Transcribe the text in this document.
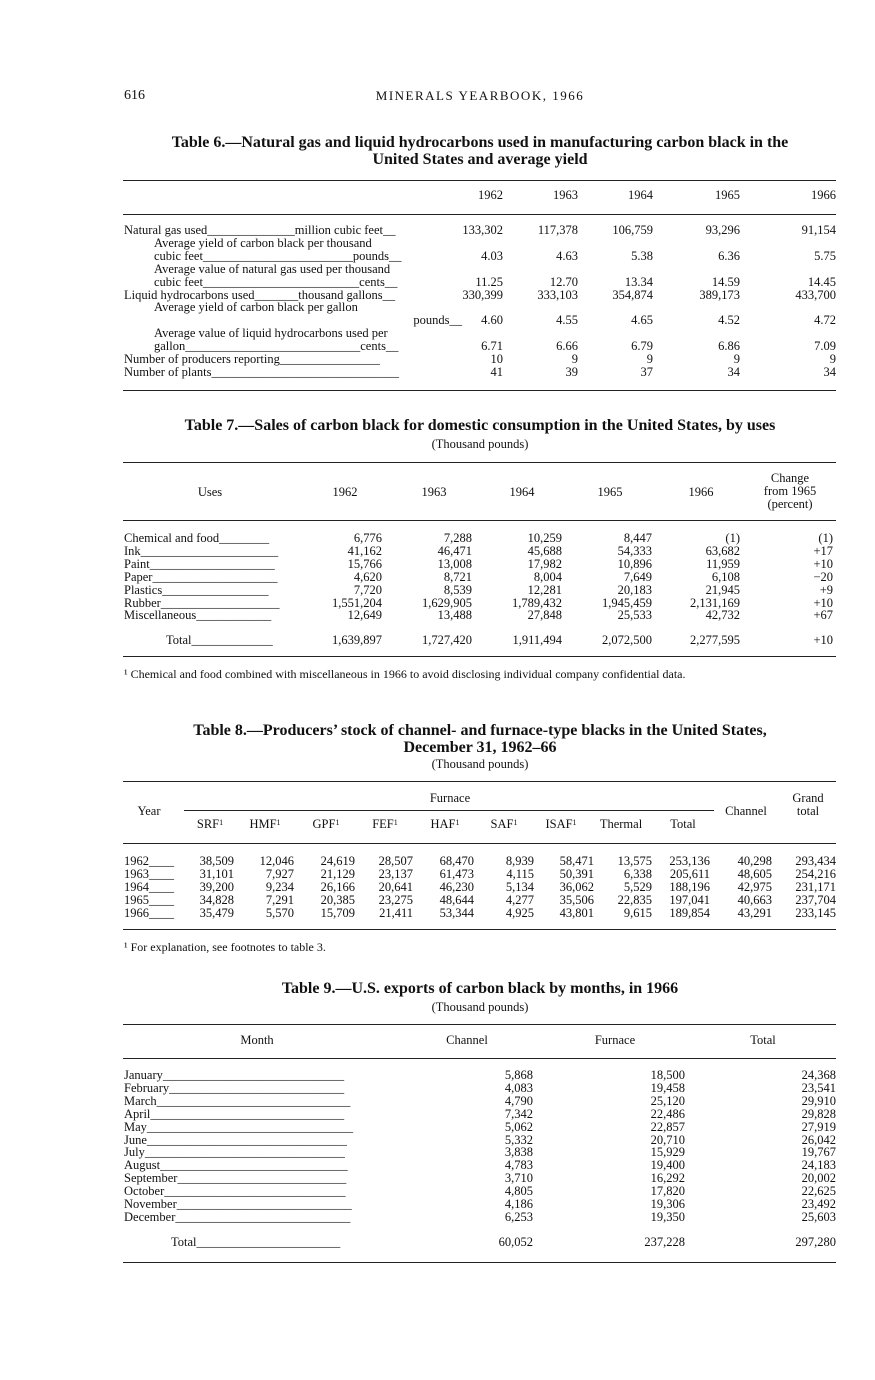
616	MINERALS YEARBOOK, 1966
Table 6.—Natural gas and liquid hydrocarbons used in manufacturing carbon black in the
United States and average yield
1962	1963	1964	1965	1966
Natural gas used______________million cubic feet__	133,302	117,378	106,759	93,296	91,154
Average yield of carbon black per thousand
cubic feet________________________pounds__	4.03	4.63	5.38	6.36	5.75
Average value of natural gas used per thousand
cubic feet_________________________cents__	11.25	12.70	13.34	14.59	14.45
Liquid hydrocarbons used_______thousand gallons__	330,399	333,103	354,874	389,173	433,700
Average yield of carbon black per gallon
pounds__	4.60	4.55	4.65	4.52	4.72
Average value of liquid hydrocarbons used per
gallon____________________________cents__	6.71	6.66	6.79	6.86	7.09
Number of producers reporting________________	10	9	9	9	9
Number of plants______________________________	41	39	37	34	34
Table 7.—Sales of carbon black for domestic consumption in the United States, by uses
(Thousand pounds)
Uses	1962	1963	1964	1965	1966
Change
from 1965
(percent)
Chemical and food________	6,776	7,288	10,259	8,447	(1)	(1)
Ink______________________	41,162	46,471	45,688	54,333	63,682	+17
Paint____________________	15,766	13,008	17,982	10,896	11,959	+10
Paper____________________	4,620	8,721	8,004	7,649	6,108	−20
Plastics_________________	7,720	8,539	12,281	20,183	21,945	+9
Rubber___________________	1,551,204	1,629,905	1,789,432	1,945,459	2,131,169	+10
Miscellaneous____________	12,649	13,488	27,848	25,533	42,732	+67
Total_____________	1,639,897	1,727,420	1,911,494	2,072,500	2,277,595	+10
¹ Chemical and food combined with miscellaneous in 1966 to avoid disclosing individual company confidential data.
Table 8.—Producers’ stock of channel- and furnace-type blacks in the United States,
December 31, 1962–66
(Thousand pounds)
Year
Furnace
Channel
Grand
total
SRF$^1$	HMF$^1$	GPF$^1$	FEF$^1$	HAF$^1$	SAF$^1$	ISAF$^1$	Thermal	Total
1962____	38,509	12,046	24,619	28,507	68,470	8,939	58,471	13,575	253,136	40,298	293,434
1963____	31,101	7,927	21,129	23,137	61,473	4,115	50,391	6,338	205,611	48,605	254,216
1964____	39,200	9,234	26,166	20,641	46,230	5,134	36,062	5,529	188,196	42,975	231,171
1965____	34,828	7,291	20,385	23,275	48,644	4,277	35,506	22,835	197,041	40,663	237,704
1966____	35,479	5,570	15,709	21,411	53,344	4,925	43,801	9,615	189,854	43,291	233,145
¹ For explanation, see footnotes to table 3.
Table 9.—U.S. exports of carbon black by months, in 1966
(Thousand pounds)
Month	Channel	Furnace	Total
January_____________________________	5,868	18,500	24,368
February____________________________	4,083	19,458	23,541
March_______________________________	4,790	25,120	29,910
April_______________________________	7,342	22,486	29,828
May_________________________________	5,062	22,857	27,919
June________________________________	5,332	20,710	26,042
July________________________________	3,838	15,929	19,767
August______________________________	4,783	19,400	24,183
September___________________________	3,710	16,292	20,002
October_____________________________	4,805	17,820	22,625
November____________________________	4,186	19,306	23,492
December____________________________	6,253	19,350	25,603
Total_______________________	60,052	237,228	297,280
